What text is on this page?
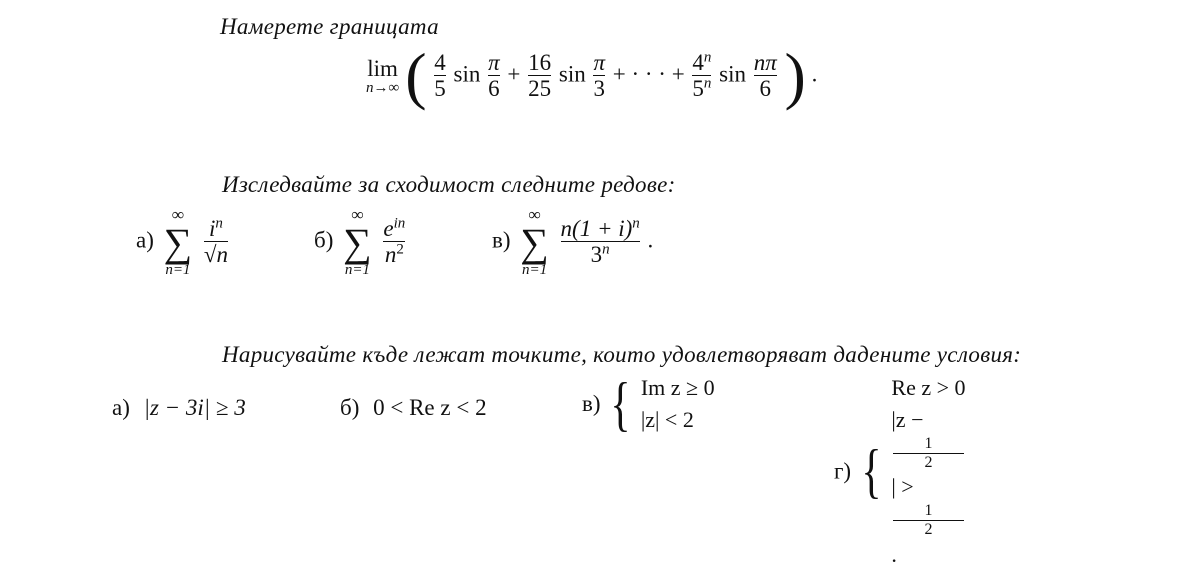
Намерете границата
lim
n→∞ ( $\frac{4}{5}$ $\sin \frac{\pi}{6} + \frac{16}{25}$ $\sin \frac{\pi}{3}$ + · · · + $\frac{4^n}{5^n}$ $\sin \frac{n\pi}{6}$ ) .
Изследвайте за сходимост следните редове:
а)
∞
∑
n=1

$\frac{i^n}{√n}$	б)
∞
∑
n=1

$\frac{e^{in}}{n^2}$	в)
∞
∑
n=1

$\frac{n(1 + i)^n}{3^n}$ .
Нарисувайте къде лежат точките, които удовлетворяват дадените условия:
а) |z − 3i| ≥ 3	б) 0 < Re z < 2	в) { Im z ≥ 0
|z| < 2
г) {
Re z > 0
|z −
1
2
| >
1
2
.
